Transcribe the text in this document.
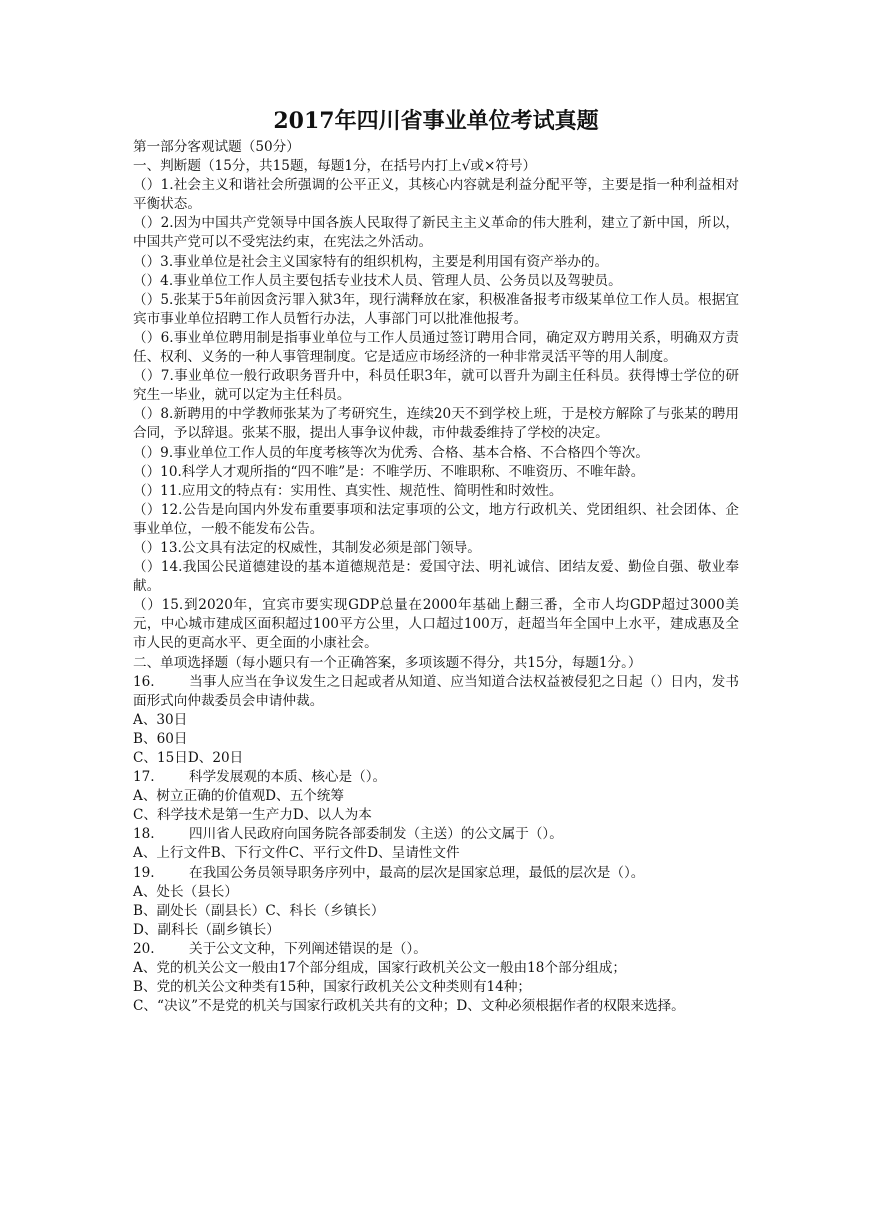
2017年四川省事业单位考试真题

第一部分客观试题（50分）

一、判断题（15分，共15题，每题1分，在括号内打上√或×符号）

（）1.社会主义和谐社会所强调的公平正义，其核心内容就是利益分配平等，主要是指一种利益相对平衡状态。

（）2.因为中国共产党领导中国各族人民取得了新民主主义革命的伟大胜利，建立了新中国，所以，中国共产党可以不受宪法约束，在宪法之外活动。

（）3.事业单位是社会主义国家特有的组织机构，主要是利用国有资产举办的。

（）4.事业单位工作人员主要包括专业技术人员、管理人员、公务员以及驾驶员。

（）5.张某于5年前因贪污罪入狱3年，现行满释放在家，积极准备报考市级某单位工作人员。根据宜宾市事业单位招聘工作人员暂行办法，人事部门可以批准他报考。

（）6.事业单位聘用制是指事业单位与工作人员通过签订聘用合同，确定双方聘用关系，明确双方责任、权利、义务的一种人事管理制度。它是适应市场经济的一种非常灵活平等的用人制度。

（）7.事业单位一般行政职务晋升中，科员任职3年，就可以晋升为副主任科员。获得博士学位的研究生一毕业，就可以定为主任科员。

（）8.新聘用的中学教师张某为了考研究生，连续20天不到学校上班，于是校方解除了与张某的聘用合同，予以辞退。张某不服，提出人事争议仲裁，市仲裁委维持了学校的决定。

（）9.事业单位工作人员的年度考核等次为优秀、合格、基本合格、不合格四个等次。

（）10.科学人才观所指的“四不唯”是：不唯学历、不唯职称、不唯资历、不唯年龄。

（）11.应用文的特点有：实用性、真实性、规范性、简明性和时效性。

（）12.公告是向国内外发布重要事项和法定事项的公文，地方行政机关、党团组织、社会团体、企事业单位，一般不能发布公告。

（）13.公文具有法定的权威性，其制发必须是部门领导。

（）14.我国公民道德建设的基本道德规范是：爱国守法、明礼诚信、团结友爱、勤俭自强、敬业奉献。

（）15.到2020年，宜宾市要实现GDP总量在2000年基础上翻三番，全市人均GDP超过3000美元，中心城市建成区面积超过100平方公里，人口超过100万，赶超当年全国中上水平，建成惠及全市人民的更高水平、更全面的小康社会。

二、单项选择题（每小题只有一个正确答案，多项该题不得分，共15分，每题1分。）

16.	当事人应当在争议发生之日起或者从知道、应当知道合法权益被侵犯之日起（）日内，发书面形式向仲裁委员会申请仲裁。

A、30日

B、60日

C、15日D、20日

17.	科学发展观的本质、核心是（）。

A、树立正确的价值观D、五个统筹

C、科学技术是第一生产力D、以人为本

18.	四川省人民政府向国务院各部委制发（主送）的公文属于（）。

A、上行文件B、下行文件C、平行文件D、呈请性文件

19.	在我国公务员领导职务序列中，最高的层次是国家总理，最低的层次是（）。

A、处长（县长）

B、副处长（副县长）C、科长（乡镇长）

D、副科长（副乡镇长）

20.	关于公文文种，下列阐述错误的是（）。

A、党的机关公文一般由17个部分组成，国家行政机关公文一般由18个部分组成；

B、党的机关公文种类有15种，国家行政机关公文种类则有14种；

C、“决议”不是党的机关与国家行政机关共有的文种；D、文种必须根据作者的权限来选择。
